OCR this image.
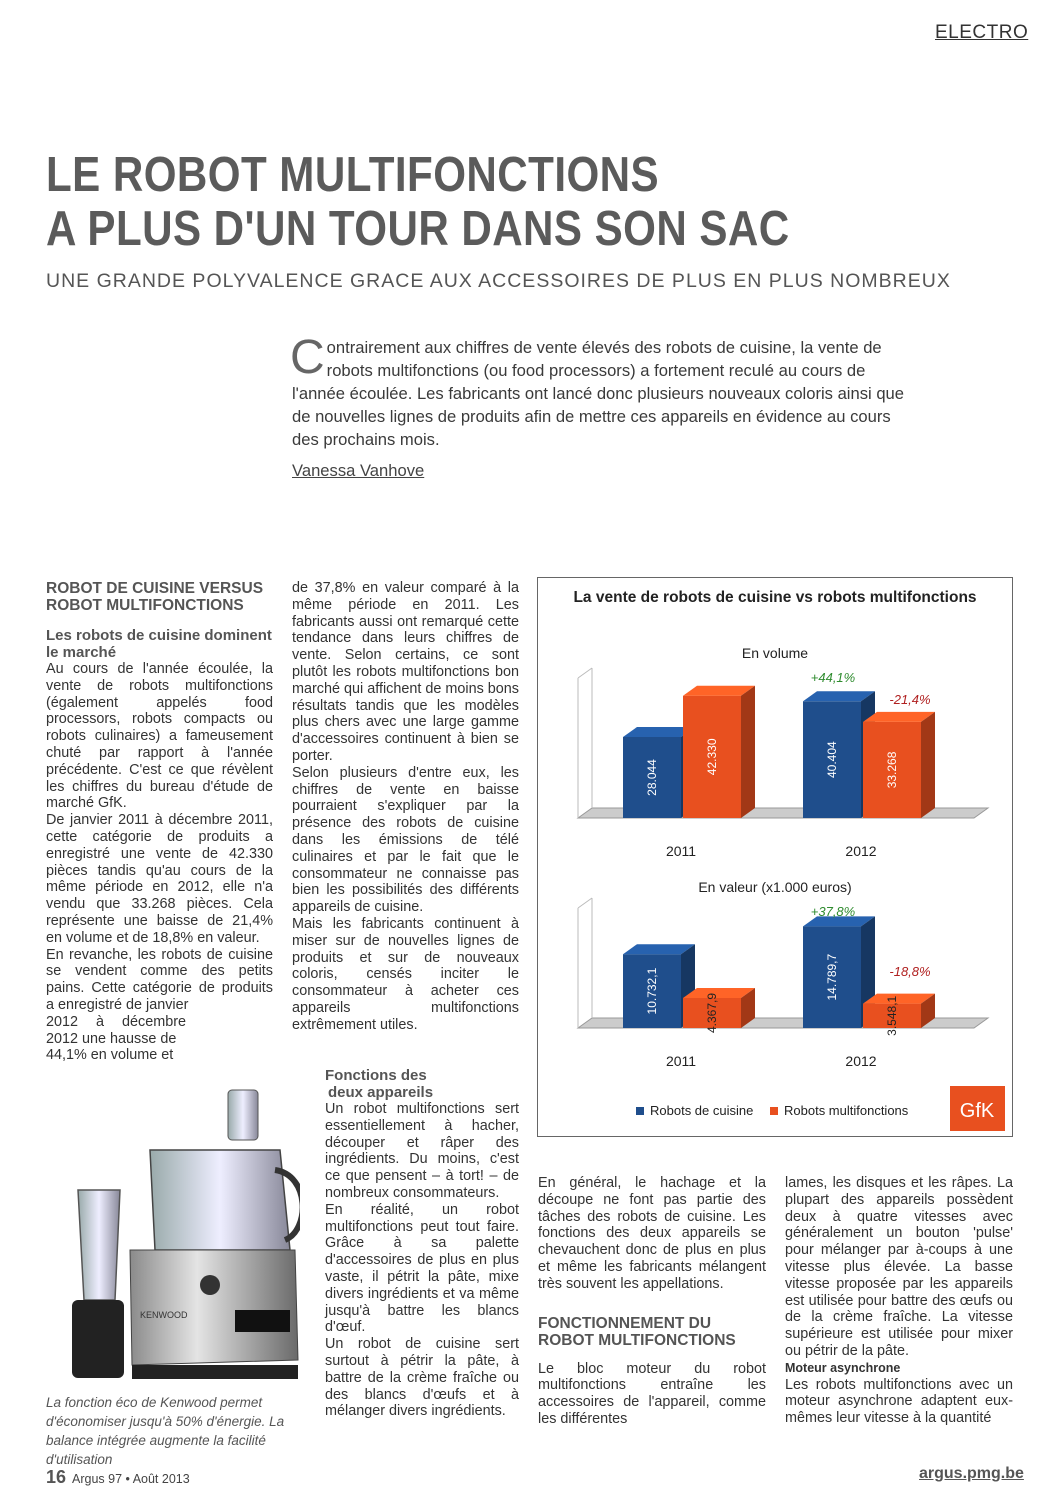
ELECTRO
LE ROBOT MULTIFONCTIONS
A PLUS D'UN TOUR DANS SON SAC
UNE GRANDE POLYVALENCE GRACE AUX ACCESSOIRES DE PLUS EN PLUS NOMBREUX
Contrairement aux chiffres de vente élevés des robots de cuisine, la vente de robots multifonctions (ou food processors) a fortement reculé au cours de l'année écoulée. Les fabricants ont lancé donc plusieurs nouveaux coloris ainsi que de nouvelles lignes de produits afin de mettre ces appareils en évidence au cours des prochains mois.
Vanessa Vanhove
ROBOT DE CUISINE VERSUS
ROBOT MULTIFONCTIONS
Les robots de cuisine dominent
le marché

Au cours de l'année écoulée, la vente de robots multifonctions (également appelés food processors, robots compacts ou robots culinaires) a fameusement chuté par rapport à l'année précédente. C'est ce que révèlent les chiffres du bureau d'étude de marché GfK.

De janvier 2011 à décembre 2011, cette catégorie de produits a enregistré une vente de 42.330 pièces tandis qu'au cours de la même période en 2012, elle n'a vendu que 33.268 pièces. Cela représente une baisse de 21,4% en volume et de 18,8% en valeur.

En revanche, les robots de cuisine se vendent comme des petits pains. Cette catégorie de produits a enregistré de janvier

2012 à décembre

2012 une hausse de

44,1% en volume et

de 37,8% en valeur comparé à la même période en 2011. Les fabricants aussi ont remarqué cette tendance dans leurs chiffres de vente. Selon certains, ce sont plutôt les robots multifonctions bon marché qui affichent de moins bons résultats tandis que les modèles plus chers avec une large gamme d'accessoires continuent à bien se porter.

Selon plusieurs d'entre eux, les chiffres de vente en baisse pourraient s'expliquer par la présence des robots de cuisine dans les émissions de télé culinaires et par le fait que le consommateur ne connaisse pas bien les possibilités des différents appareils de cuisine.

Mais les fabricants continuent à miser sur de nouvelles lignes de produits et sur de nouveaux coloris, censés inciter le consommateur à acheter ces appareils multifonctions extrêmement utiles.

Fonctions des
deux appareils

Un robot multifonctions sert essentiellement à hacher, découper et râper des ingrédients. Du moins, c'est ce que pensent – à tort! – de nombreux consommateurs.

En réalité, un robot multifonctions peut tout faire. Grâce à sa palette d'accessoires de plus en plus vaste, il pétrit la pâte, mixe divers ingrédients et va même jusqu'à battre les blancs d'œuf.

Un robot de cuisine sert surtout à pétrir la pâte, à battre de la crème fraîche ou des blancs d'œufs et à mélanger divers ingrédients.

KENWOOD
La fonction éco de Kenwood permet d'économiser jusqu'à 50% d'énergie. La balance intégrée augmente la facilité d'utilisation
La vente de robots de cuisine vs robots multifonctions
En volume
28.044
42.330
2011
40.404	33.268
2012
+44,1%
-21,4%
En valeur (x1.000 euros)
10.732,1	4.367,9
2011
14.789,7
3.548,1
2012
+37,8%
-18,8%
Robots de cuisine Robots multifonctions	GfK

En général, le hachage et la découpe ne font pas partie des tâches des robots de cuisine. Les fonctions des deux appareils se chevauchent donc de plus en plus et même les fabricants mélangent très souvent les appellations.

FONCTIONNEMENT DU
ROBOT MULTIFONCTIONS

Le bloc moteur du robot multifonctions entraîne les accessoires de l'appareil, comme les différentes

lames, les disques et les râpes. La plupart des appareils possèdent deux à quatre vitesses avec généralement un bouton 'pulse' pour mélanger par à-coups à une vitesse plus élevée. La basse vitesse proposée par les appareils est utilisée pour battre des œufs ou de la crème fraîche. La vitesse supérieure est utilisée pour mixer ou pétrir de la pâte.

Moteur asynchrone

Les robots multifonctions avec un moteur asynchrone adaptent eux-mêmes leur vitesse à la quantité

16 Argus 97 • Août 2013	argus.pmg.be
